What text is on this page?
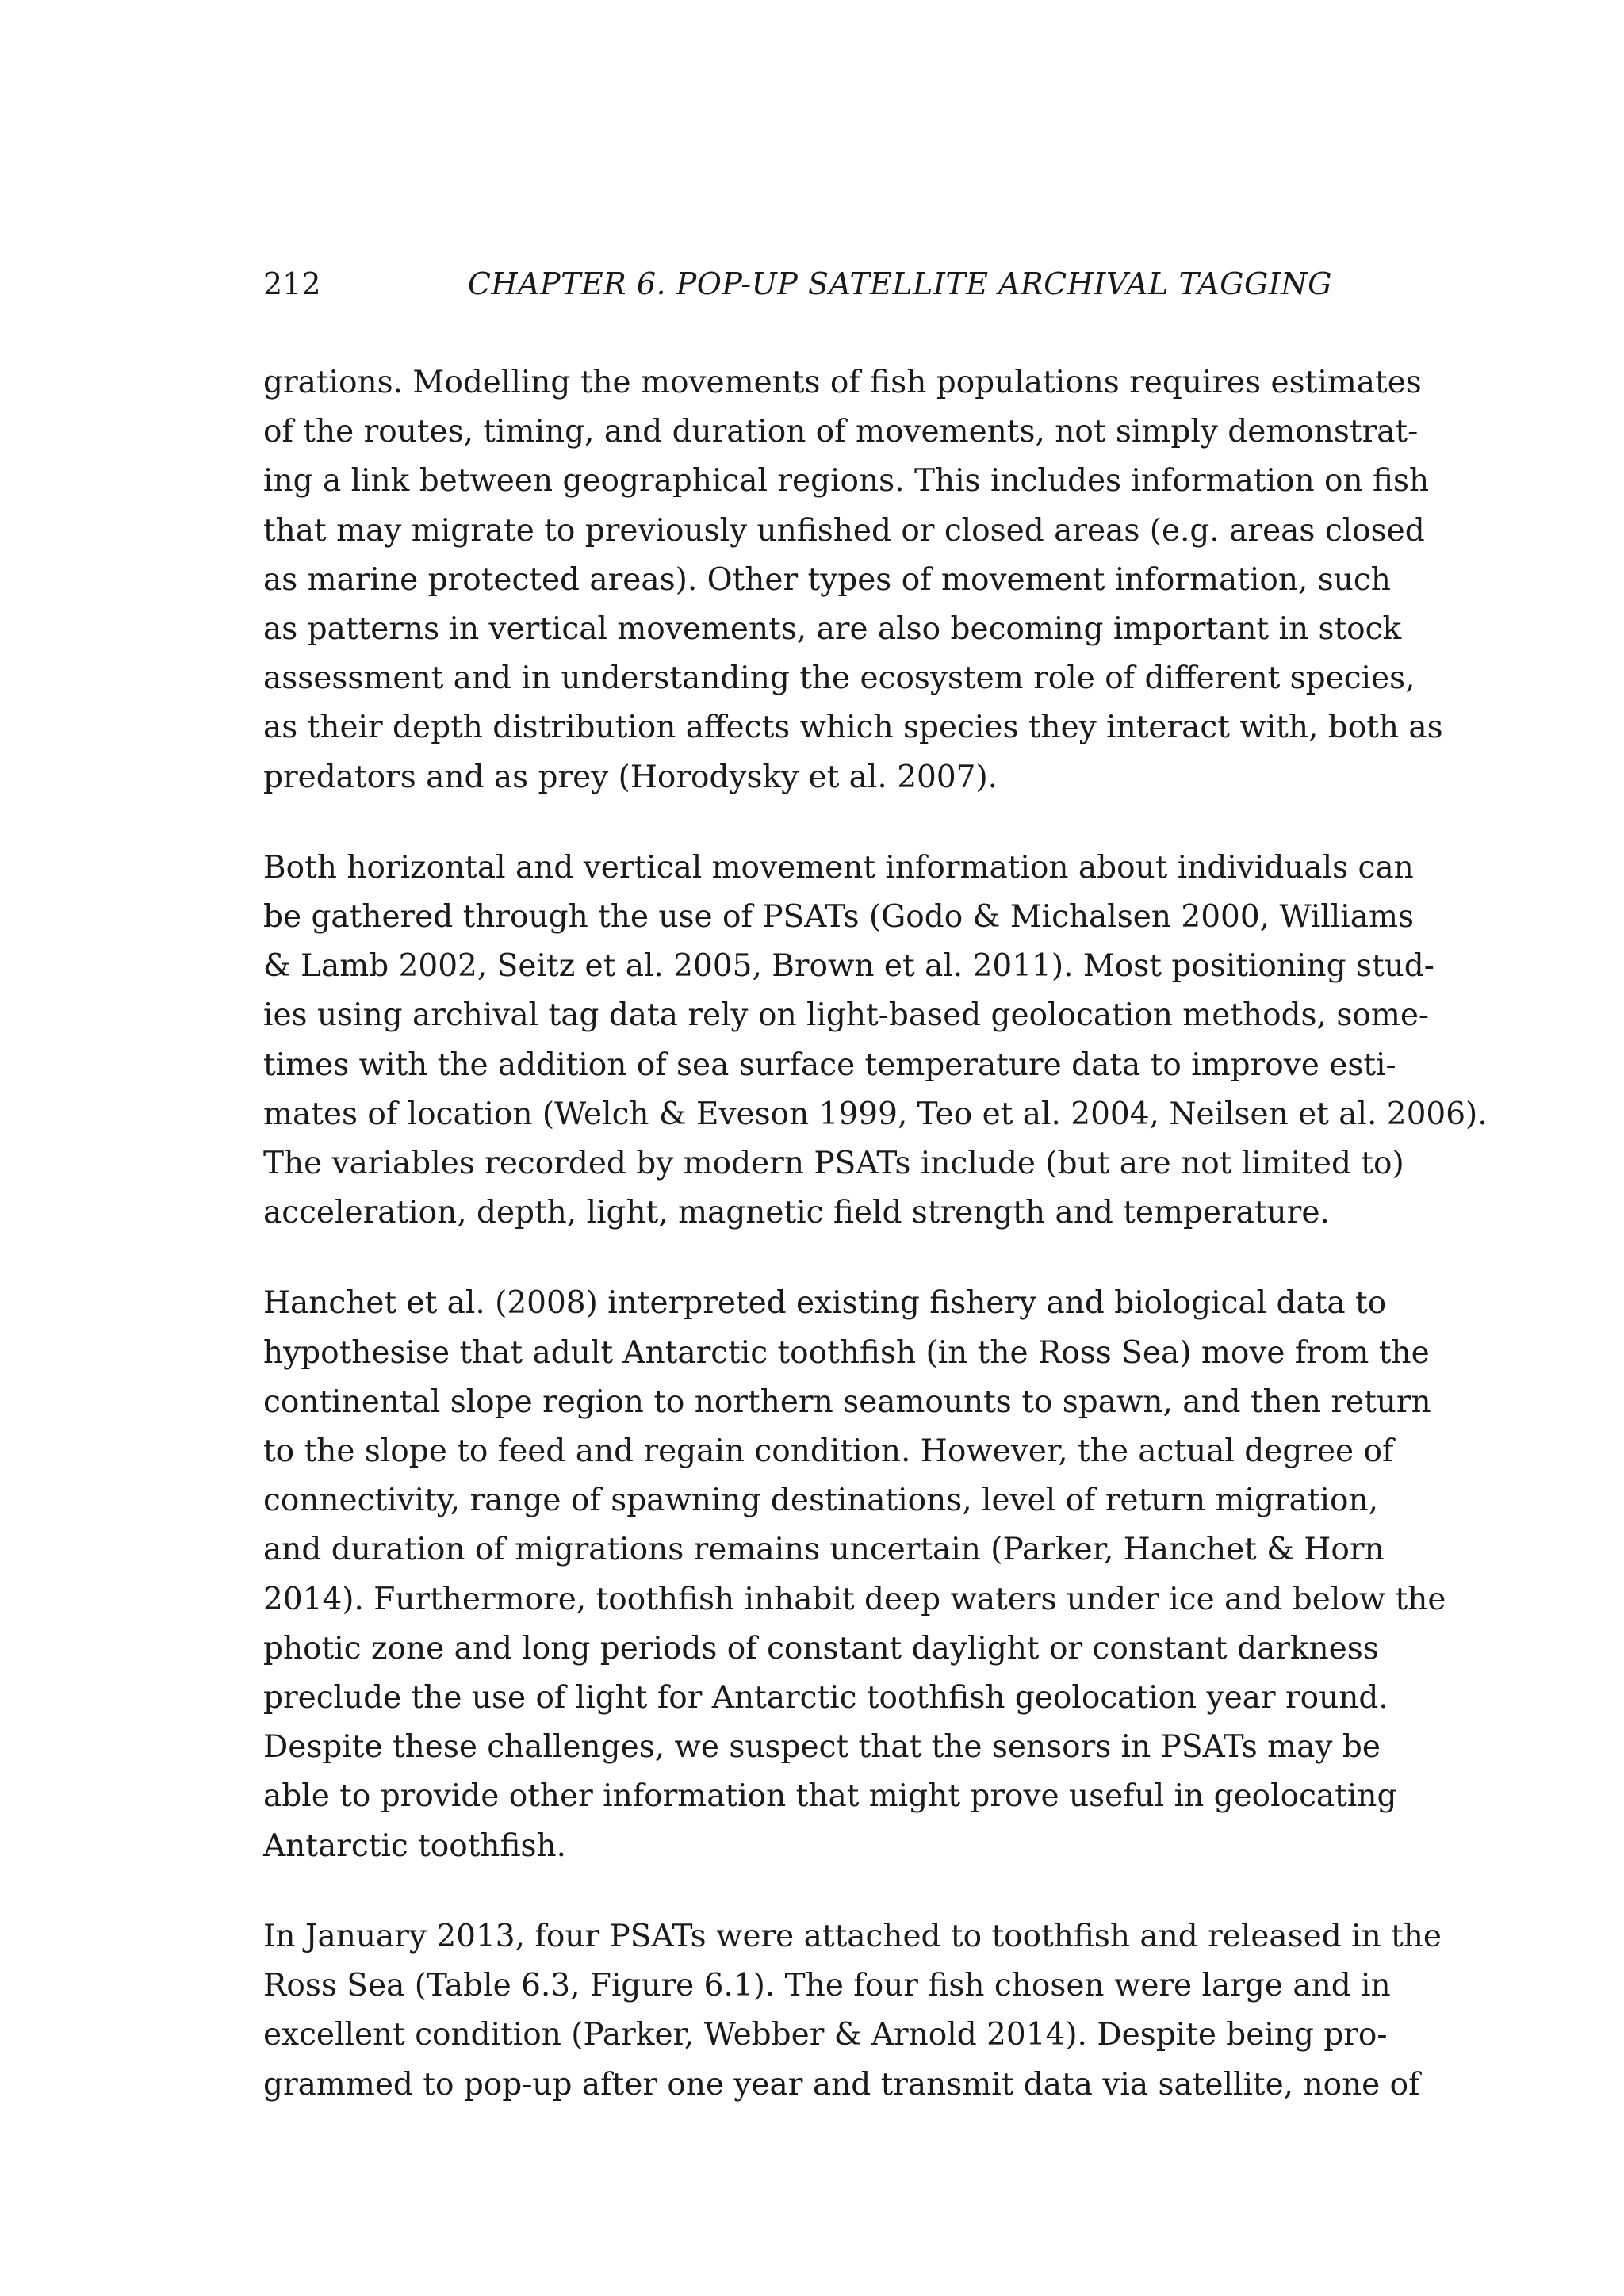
212	CHAPTER 6. POP-UP SATELLITE ARCHIVAL TAGGING

grations. Modelling the movements of fish populations requires estimates
of the routes, timing, and duration of movements, not simply demonstrat-
ing a link between geographical regions. This includes information on fish
that may migrate to previously unfished or closed areas (e.g. areas closed
as marine protected areas). Other types of movement information, such
as patterns in vertical movements, are also becoming important in stock
assessment and in understanding the ecosystem role of different species,
as their depth distribution affects which species they interact with, both as
predators and as prey (Horodysky et al. 2007).

Both horizontal and vertical movement information about individuals can
be gathered through the use of PSATs (Godo & Michalsen 2000, Williams
& Lamb 2002, Seitz et al. 2005, Brown et al. 2011). Most positioning stud-
ies using archival tag data rely on light-based geolocation methods, some-
times with the addition of sea surface temperature data to improve esti-
mates of location (Welch & Eveson 1999, Teo et al. 2004, Neilsen et al. 2006).
The variables recorded by modern PSATs include (but are not limited to)
acceleration, depth, light, magnetic field strength and temperature.

Hanchet et al. (2008) interpreted existing fishery and biological data to
hypothesise that adult Antarctic toothfish (in the Ross Sea) move from the
continental slope region to northern seamounts to spawn, and then return
to the slope to feed and regain condition. However, the actual degree of
connectivity, range of spawning destinations, level of return migration,
and duration of migrations remains uncertain (Parker, Hanchet & Horn
2014). Furthermore, toothfish inhabit deep waters under ice and below the
photic zone and long periods of constant daylight or constant darkness
preclude the use of light for Antarctic toothfish geolocation year round.
Despite these challenges, we suspect that the sensors in PSATs may be
able to provide other information that might prove useful in geolocating
Antarctic toothfish.

In January 2013, four PSATs were attached to toothfish and released in the
Ross Sea (Table 6.3, Figure 6.1). The four fish chosen were large and in
excellent condition (Parker, Webber & Arnold 2014). Despite being pro-
grammed to pop-up after one year and transmit data via satellite, none of
